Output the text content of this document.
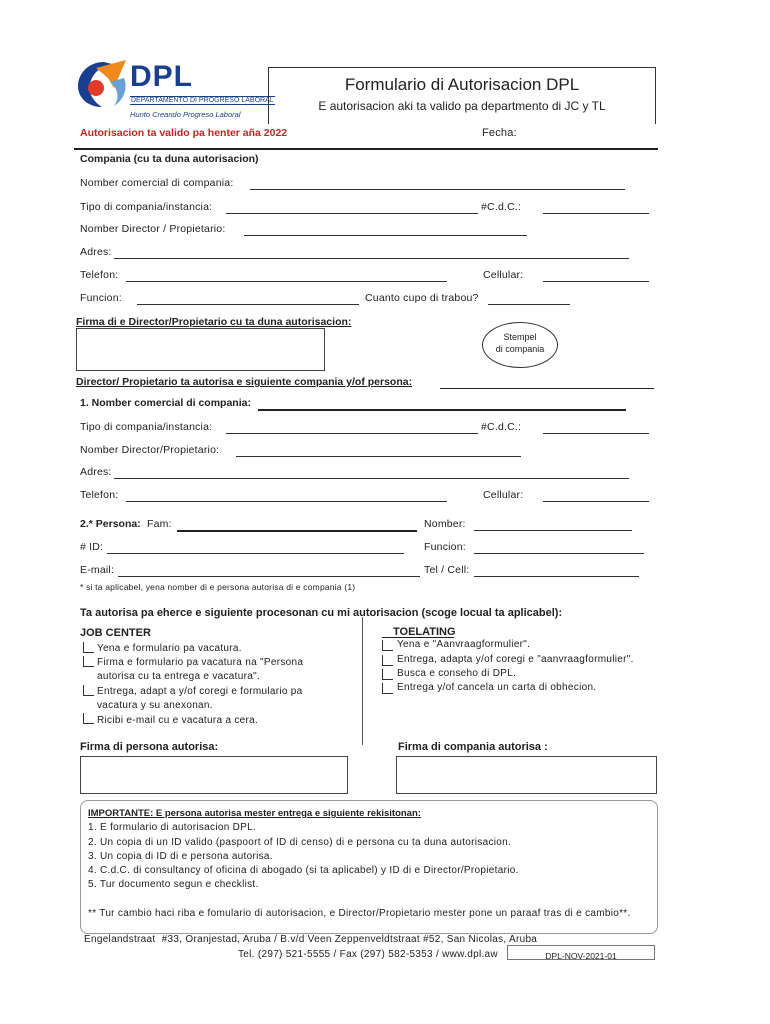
DPL
DEPARTAMENTO DI PROGRESO LABORAL
Hunto Creando Progreso Laboral
Formulario di Autorisacion DPL
E autorisacion aki ta valido pa departmento di JC y TL
Autorisacion ta valido pa henter aña 2022	Fecha:
Compania (cu ta duna autorisacion)
Nomber comercial di compania:
Tipo di compania/instancia:	#C.d.C.:
Nomber Director / Propietario:
Adres:
Telefon:	Cellular:
Funcion:	Cuanto cupo di trabou?
Firma di e Director/Propietario cu ta duna autorisacion:
Stempel
di compania
Director/ Propietario ta autorisa e siguiente compania y/of persona:
1. Nomber comercial di compania:
Tipo di compania/instancia:	#C.d.C.:
Nomber Director/Propietario:
Adres:
Telefon:	Cellular:
2.* Persona: Fam:	Nomber:
# ID:	Funcion:
E-mail:	Tel / Cell:
* si ta aplicabel, yena nomber di e persona autorisa di e compania (1)
Ta autorisa pa eherce e siguiente procesonan cu mi autorisacion (scoge locual ta aplicabel):
JOB CENTER	TOELATING
Yena e formulario pa vacatura.
Firma e formulario pa vacatura na "Persona
autorisa cu ta entrega e vacatura".
Entrega, adapt a y/of coregi e formulario pa
vacatura y su anexonan.
Ricibi e-mail cu e vacatura a cera.
Yena e "Aanvraagformulier".
Entrega, adapta y/of coregi e "aanvraagformulier".
Busca e conseho di DPL.
Entrega y/of cancela un carta di obhecion.
Firma di persona autorisa:	Firma di compania autorisa :
IMPORTANTE: E persona autorisa mester entrega e siguiente rekisitonan:
1. E formulario di autorisacion DPL.
2. Un copia di un ID valido (paspoort of ID di censo) di e persona cu ta duna autorisacion.
3. Un copia di ID di e persona autorisa.
4. C.d.C. di consultancy of oficina di abogado (si ta aplicabel) y ID di e Director/Propietario.
5. Tur documento segun e checklist.
** Tur cambio haci riba e fomulario di autorisacion, e Director/Propietario mester pone un paraaf tras di e cambio**.
Engelandstraat  #33, Oranjestad, Aruba / B.v/d Veen Zeppenveldtstraat #52, San Nicolas, Aruba
Tel. (297) 521-5555 / Fax (297) 582-5353 / www.dpl.aw	DPL-NOV-2021-01
